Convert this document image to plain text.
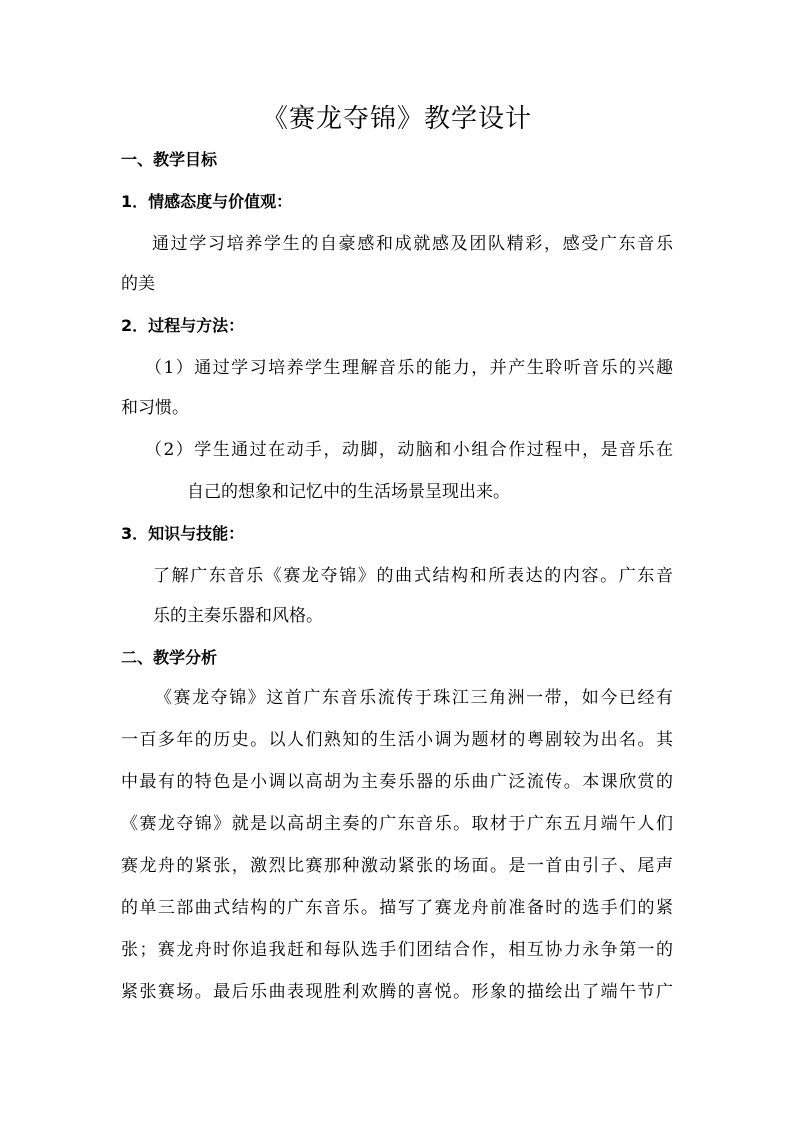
《赛龙夺锦》教学设计
一、教学目标
1．情感态度与价值观：
通过学习培养学生的自豪感和成就感及团队精彩，感受广东音乐
的美
2．过程与方法：
（1）通过学习培养学生理解音乐的能力，并产生聆听音乐的兴趣
和习惯。
（2）学生通过在动手，动脚，动脑和小组合作过程中，是音乐在
自己的想象和记忆中的生活场景呈现出来。
3．知识与技能：
了解广东音乐《赛龙夺锦》的曲式结构和所表达的内容。广东音
乐的主奏乐器和风格。
二、教学分析
《赛龙夺锦》这首广东音乐流传于珠江三角洲一带，如今已经有
一百多年的历史。以人们熟知的生活小调为题材的粤剧较为出名。其
中最有的特色是小调以高胡为主奏乐器的乐曲广泛流传。本课欣赏的
《赛龙夺锦》就是以高胡主奏的广东音乐。取材于广东五月端午人们
赛龙舟的紧张，激烈比赛那种激动紧张的场面。是一首由引子、尾声
的单三部曲式结构的广东音乐。描写了赛龙舟前准备时的选手们的紧
张；赛龙舟时你追我赶和每队选手们团结合作，相互协力永争第一的
紧张赛场。最后乐曲表现胜利欢腾的喜悦。形象的描绘出了端午节广
